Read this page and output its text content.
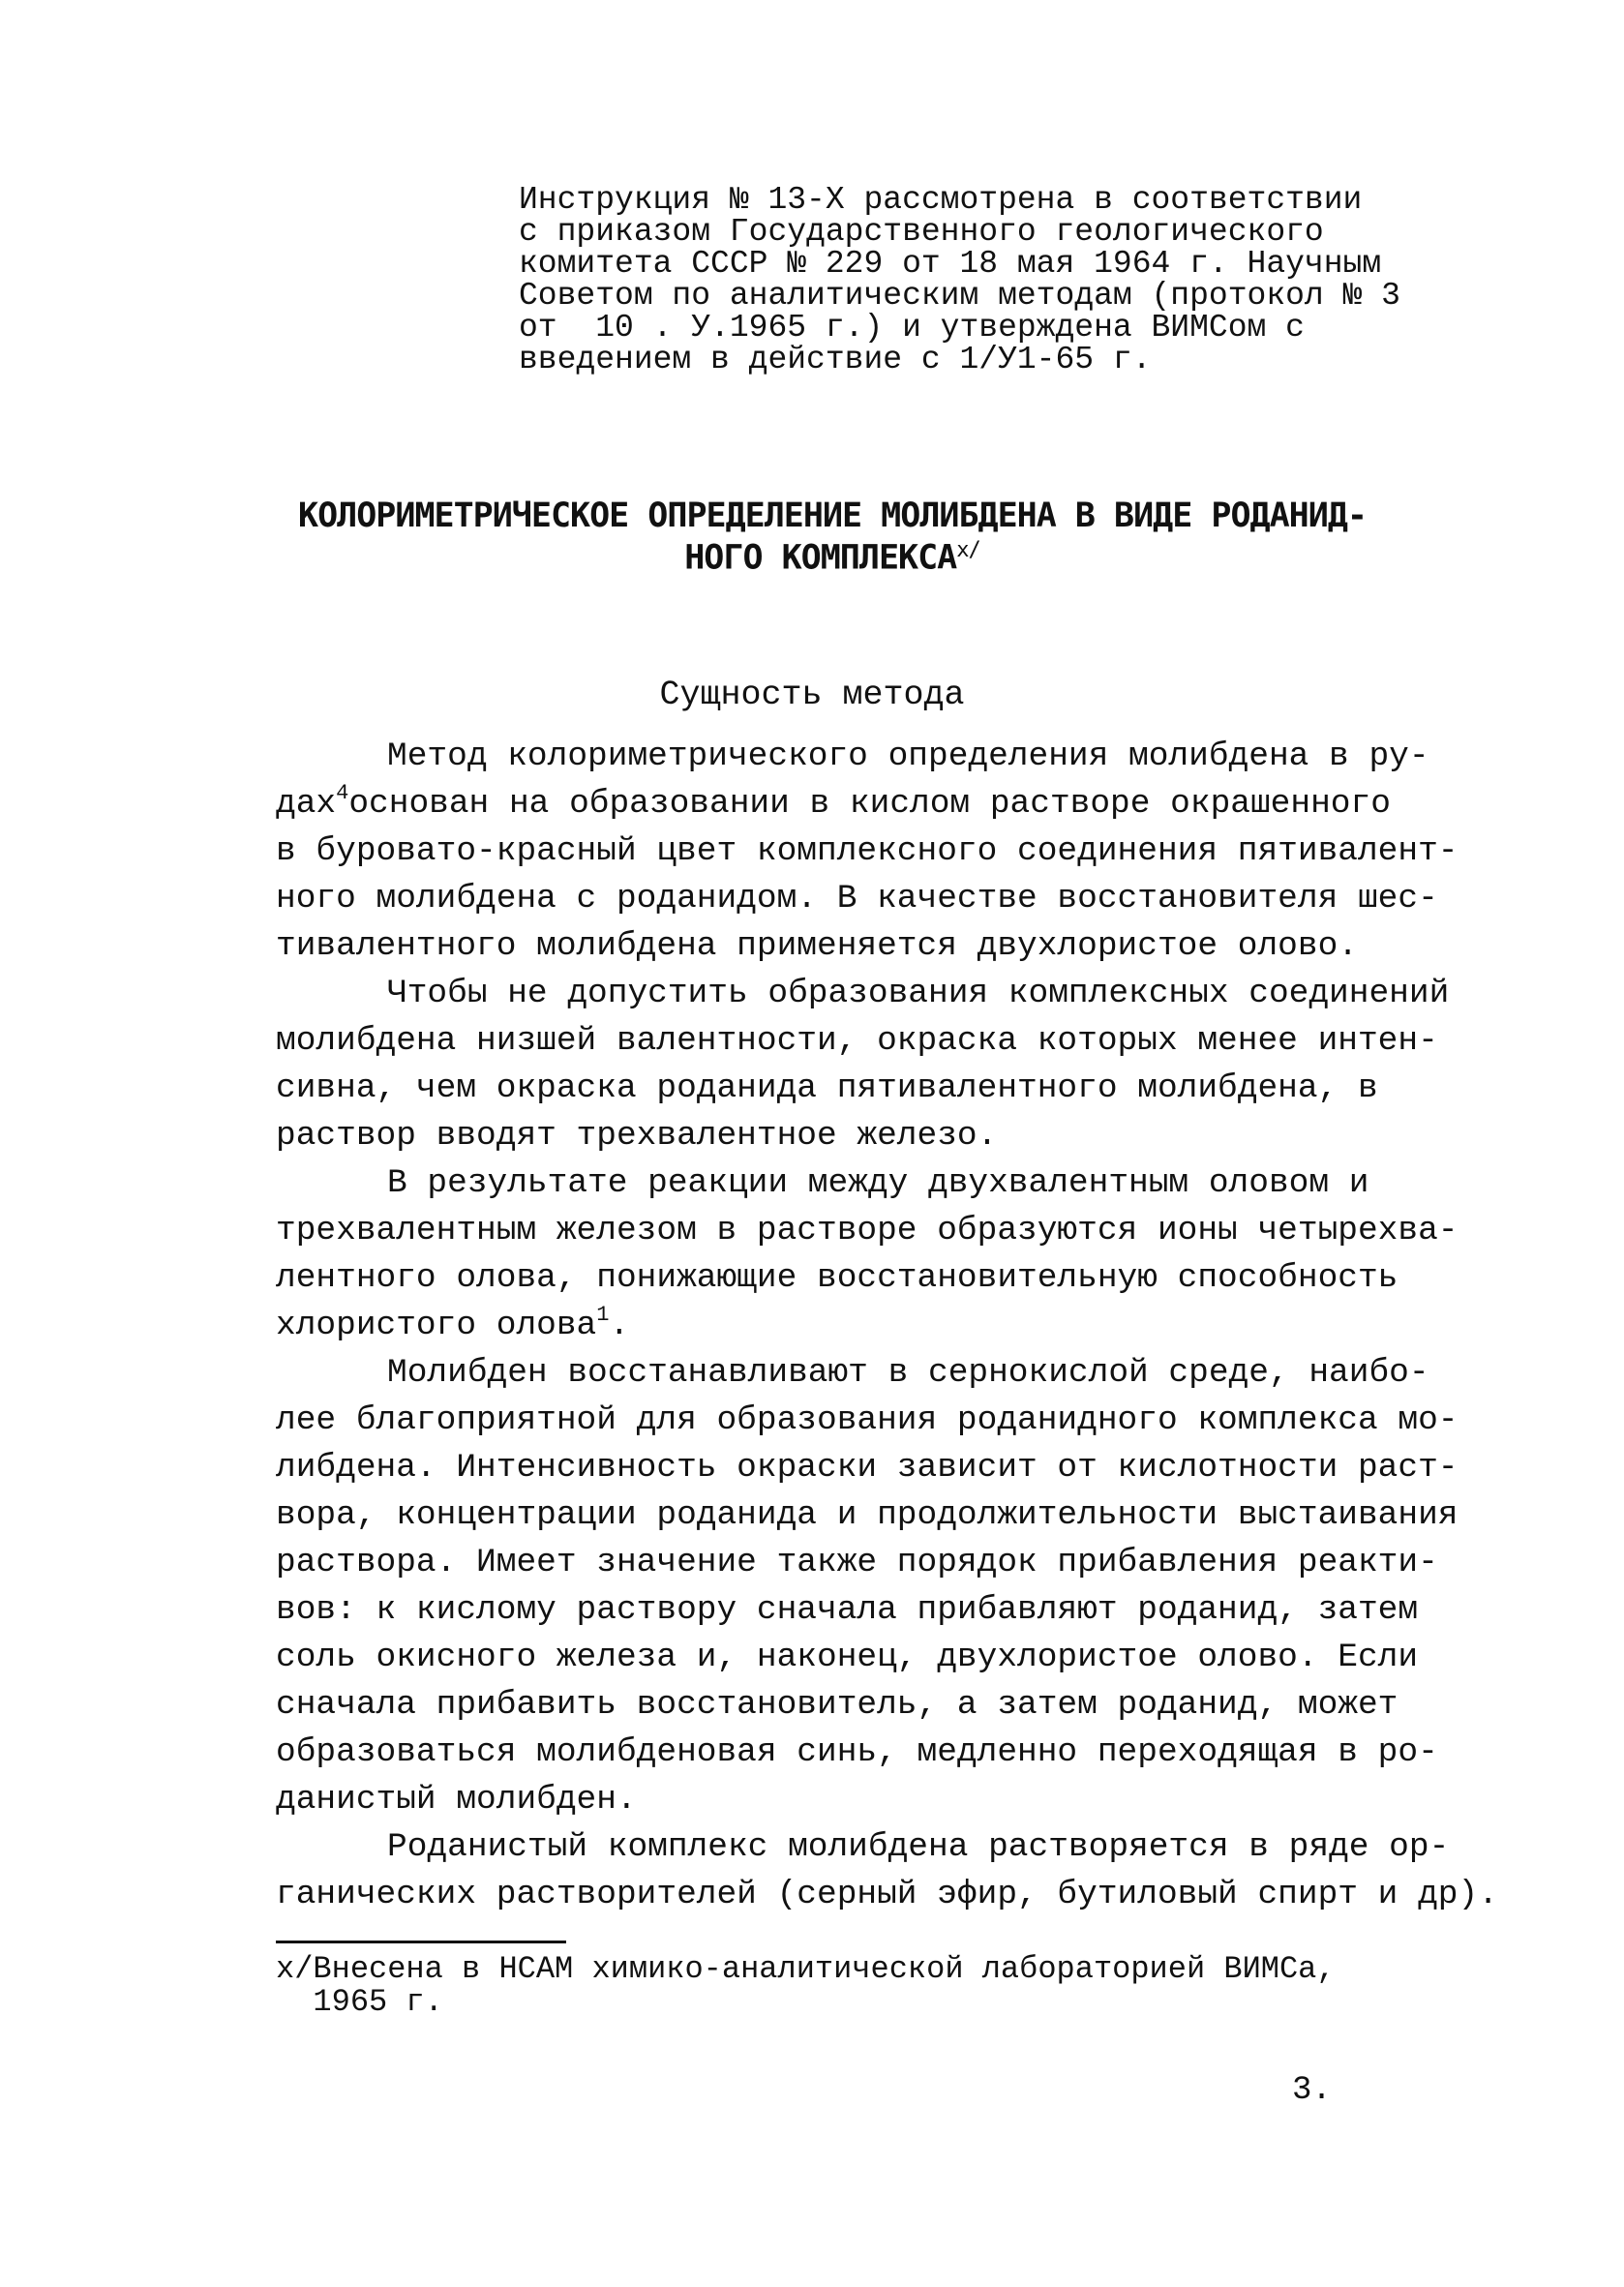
Инструкция № 13-Х рассмотрена в соответствии
с приказом Государственного геологического
комитета СССР № 229 от 18 мая 1964 г. Научным
Советом по аналитическим методам (протокол № 3
от  10 . У.1965 г.) и утверждена ВИМСом с
введением в действие с 1/У1-65 г.
КОЛОРИМЕТРИЧЕСКОЕ ОПРЕДЕЛЕНИЕ МОЛИБДЕНА В ВИДЕ РОДАНИД-
НОГО $КОМПЛЕКСА^{х/}$
Сущность метода
Метод колориметрического определения молибдена в ру-
дах$^4$основан на образовании в кислом растворе окрашенного
в буровато-красный цвет комплексного соединения пятивалент-
ного молибдена с роданидом. В качестве восстановителя шес-
тивалентного молибдена применяется двухлористое олово.
Чтобы не допустить образования комплексных соединений
молибдена низшей валентности, окраска которых менее интен-
сивна, чем окраска роданида пятивалентного молибдена, в
раствор вводят трехвалентное железо.
В результате реакции между двухвалентным оловом и
трехвалентным железом в растворе образуются ионы четырехва-
лентного олова, понижающие восстановительную способность
хлористого олова$^1$.
Молибден восстанавливают в сернокислой среде, наибо-
лее благоприятной для образования роданидного комплекса мо-
либдена. Интенсивность окраски зависит от кислотности раст-
вора, концентрации роданида и продолжительности выстаивания
раствора. Имеет значение также порядок прибавления реакти-
вов: к кислому раствору сначала прибавляют роданид, затем
соль окисного железа и, наконец, двухлористое олово. Если
сначала прибавить восстановитель, а затем роданид, может
образоваться молибденовая синь, медленно переходящая в ро-
данистый молибден.
Роданистый комплекс молибдена растворяется в ряде ор-
ганических растворителей (серный эфир, бутиловый спирт и др).
х/Внесена в НСАМ химико-аналитической лабораторией ВИМСа,
1965 г.
3.
